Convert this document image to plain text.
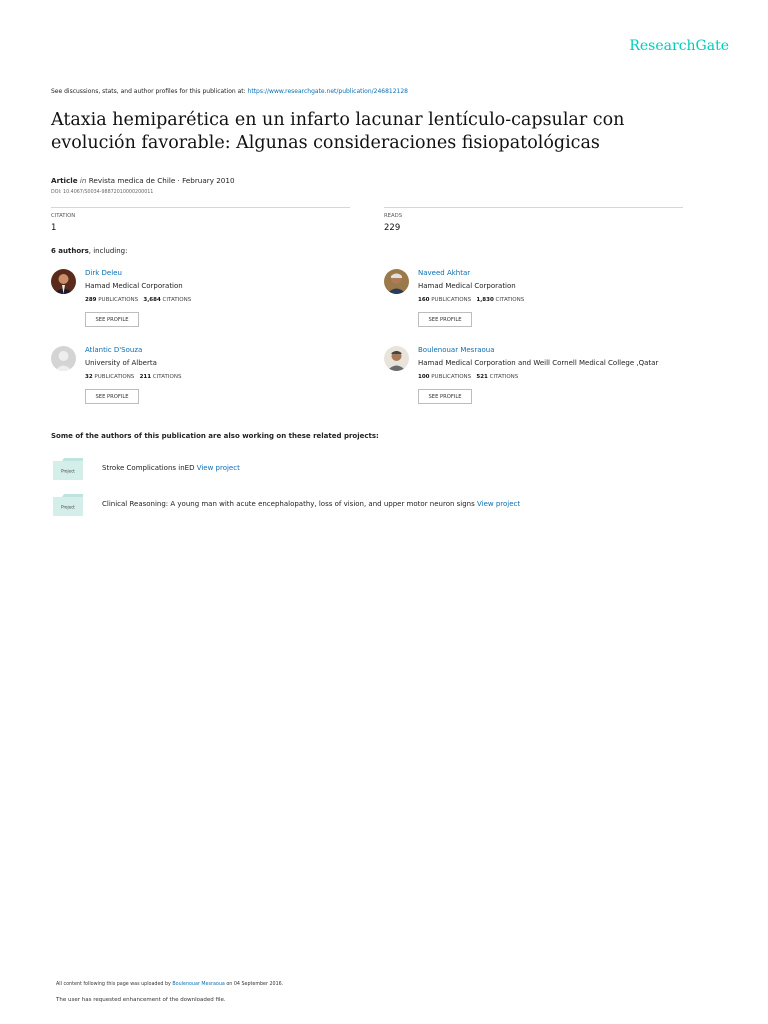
ResearchGate
See discussions, stats, and author profiles for this publication at: https://www.researchgate.net/publication/246812128
Ataxia hemiparética en un infarto lacunar lentículo-capsular con evolución favorable: Algunas consideraciones fisiopatológicas
Article in Revista medica de Chile · February 2010
DOI: 10.4067/S0034-98872010000200011
CITATION
1
READS
229
6 authors, including:
Dirk Deleu
Hamad Medical Corporation
289 PUBLICATIONS 3,684 CITATIONS
SEE PROFILE
Naveed Akhtar
Hamad Medical Corporation
160 PUBLICATIONS 1,830 CITATIONS
SEE PROFILE
Atlantic D'Souza
University of Alberta
32 PUBLICATIONS 211 CITATIONS
SEE PROFILE
Boulenouar Mesraoua
Hamad Medical Corporation and Weill Cornell Medical College ,Qatar
100 PUBLICATIONS 521 CITATIONS
SEE PROFILE
Some of the authors of this publication are also working on these related projects:
Project	Stroke Complications inED View project
Project	Clinical Reasoning: A young man with acute encephalopathy, loss of vision, and upper motor neuron signs View project
All content following this page was uploaded by Boulenouar Mesraoua on 04 September 2016.
The user has requested enhancement of the downloaded file.
